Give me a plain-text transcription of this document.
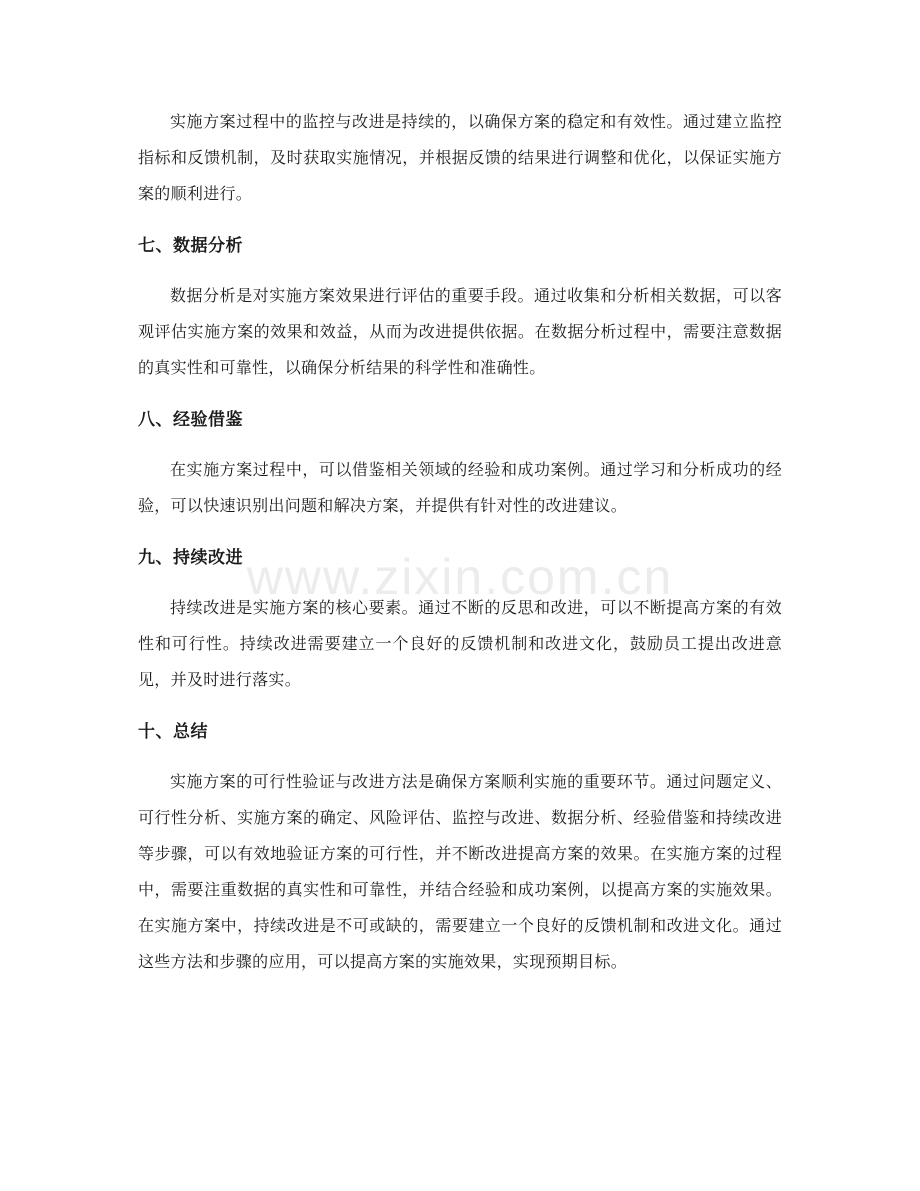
实施方案过程中的监控与改进是持续的，以确保方案的稳定和有效性。通过建立监控指标和反馈机制，及时获取实施情况，并根据反馈的结果进行调整和优化，以保证实施方案的顺利进行。

七、数据分析

数据分析是对实施方案效果进行评估的重要手段。通过收集和分析相关数据，可以客观评估实施方案的效果和效益，从而为改进提供依据。在数据分析过程中，需要注意数据的真实性和可靠性，以确保分析结果的科学性和准确性。

八、经验借鉴

在实施方案过程中，可以借鉴相关领域的经验和成功案例。通过学习和分析成功的经验，可以快速识别出问题和解决方案，并提供有针对性的改进建议。

九、持续改进

持续改进是实施方案的核心要素。通过不断的反思和改进，可以不断提高方案的有效性和可行性。持续改进需要建立一个良好的反馈机制和改进文化，鼓励员工提出改进意见，并及时进行落实。

十、总结

实施方案的可行性验证与改进方法是确保方案顺利实施的重要环节。通过问题定义、可行性分析、实施方案的确定、风险评估、监控与改进、数据分析、经验借鉴和持续改进等步骤，可以有效地验证方案的可行性，并不断改进提高方案的效果。在实施方案的过程中，需要注重数据的真实性和可靠性，并结合经验和成功案例，以提高方案的实施效果。在实施方案中，持续改进是不可或缺的，需要建立一个良好的反馈机制和改进文化。通过这些方法和步骤的应用，可以提高方案的实施效果，实现预期目标。

www.zixin.com.cn
